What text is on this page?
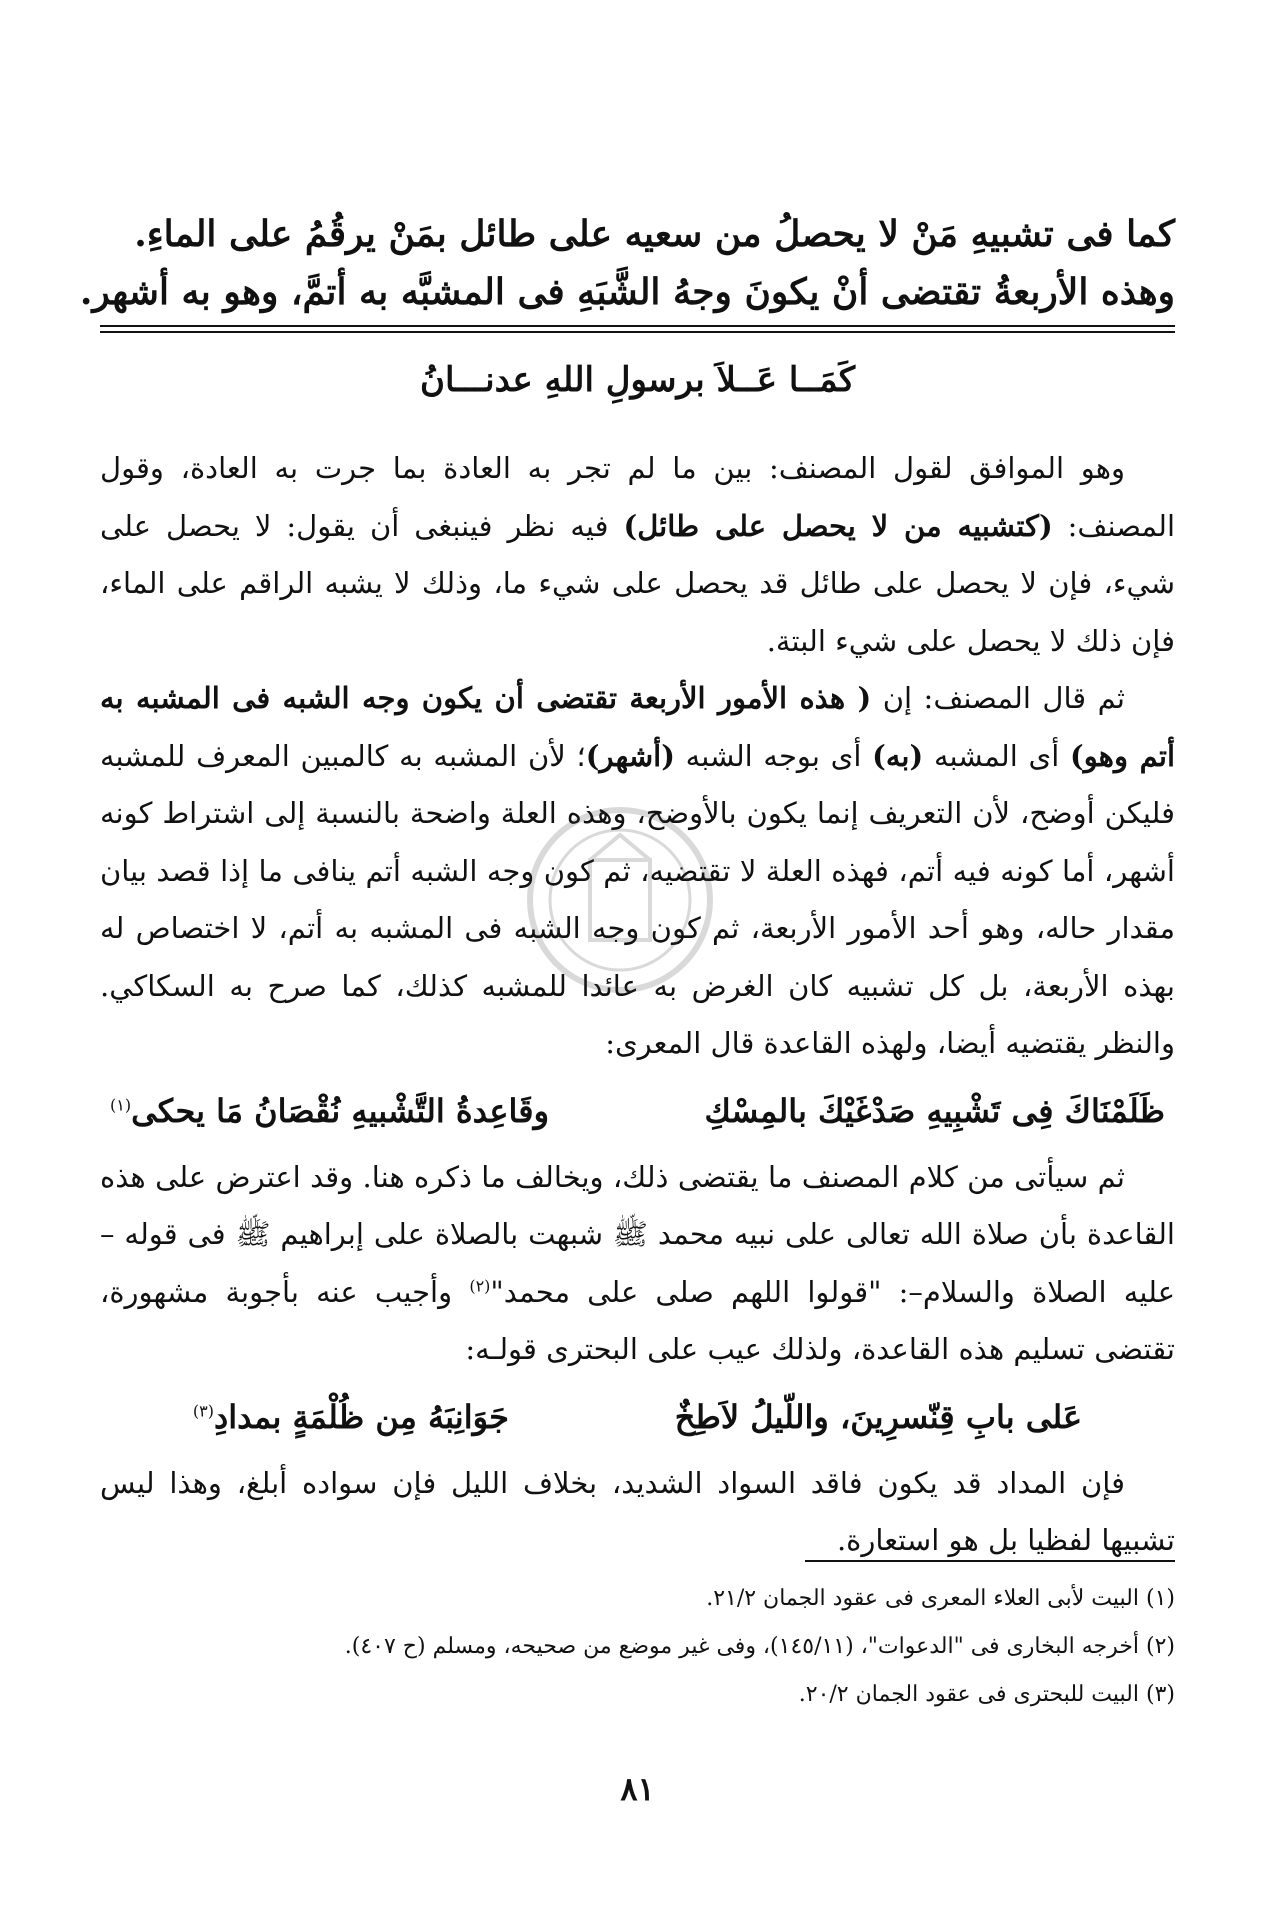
كما فى تشبيهِ مَنْ لا يحصلُ من سعيه على طائل بمَنْ يرقُمُ على الماءِ.

وهذه الأربعةُ تقتضى أنْ يكونَ وجهُ الشَّبَهِ فى المشبَّه به أتمَّ، وهو به أشهر.

كَمَــا عَــلاَ برسولِ اللهِ عدنـــانُ

وهو الموافق لقول المصنف: بين ما لم تجر به العادة بما جرت به العادة، وقول المصنف: (كتشبيه من لا يحصل على طائل) فيه نظر فينبغى أن يقول: لا يحصل على شيء، فإن لا يحصل على طائل قد يحصل على شيء ما، وذلك لا يشبه الراقم على الماء، فإن ذلك لا يحصل على شيء البتة.

ثم قال المصنف: إن ( هذه الأمور الأربعة تقتضى أن يكون وجه الشبه فى المشبه به أتم وهو) أى المشبه (به) أى بوجه الشبه (أشهر)؛ لأن المشبه به كالمبين المعرف للمشبه فليكن أوضح، لأن التعريف إنما يكون بالأوضح، وهذه العلة واضحة بالنسبة إلى اشتراط كونه أشهر، أما كونه فيه أتم، فهذه العلة لا تقتضيه، ثم كون وجه الشبه أتم ينافى ما إذا قصد بيان مقدار حاله، وهو أحد الأمور الأربعة، ثم كون وجه الشبه فى المشبه به أتم، لا اختصاص له بهذه الأربعة، بل كل تشبيه كان الغرض به عائدا للمشبه كذلك، كما صرح به السكاكي. والنظر يقتضيه أيضا، ولهذه القاعدة قال المعرى:

ظَلَمْنَاكَ فِى تَشْبِيهِ صَدْغَيْكَ بالمِسْكِ
وقَاعِدةُ التَّشْبيهِ نُقْصَانُ مَا يحكى$^{(١)}$

ثم سيأتى من كلام المصنف ما يقتضى ذلك، ويخالف ما ذكره هنا. وقد اعترض على هذه القاعدة بأن صلاة الله تعالى على نبيه محمد ﷺ شبهت بالصلاة على إبراهيم ﷺ فى قوله – عليه الصلاة والسلام–: "قولوا اللهم صلى على محمد"$^{(٢)}$ وأجيب عنه بأجوبة مشهورة، تقتضى تسليم هذه القاعدة، ولذلك عيب على البحترى قولـه:

عَلى بابِ قِنّسرِينَ، واللّيلُ لاَطِخٌ
جَوَانِبَهُ مِن ظُلْمَةٍ بمدادِ$^{(٣)}$

فإن المداد قد يكون فاقد السواد الشديد، بخلاف الليل فإن سواده أبلغ، وهذا ليس تشبيها لفظيا بل هو استعارة.

(١) البيت لأبى العلاء المعرى فى عقود الجمان ٢١/٢.

(٢) أخرجه البخارى فى "الدعوات"، (١٤٥/١١)، وفى غير موضع من صحيحه، ومسلم (ح ٤٠٧).

(٣) البيت للبحترى فى عقود الجمان ٢٠/٢.

٨١
